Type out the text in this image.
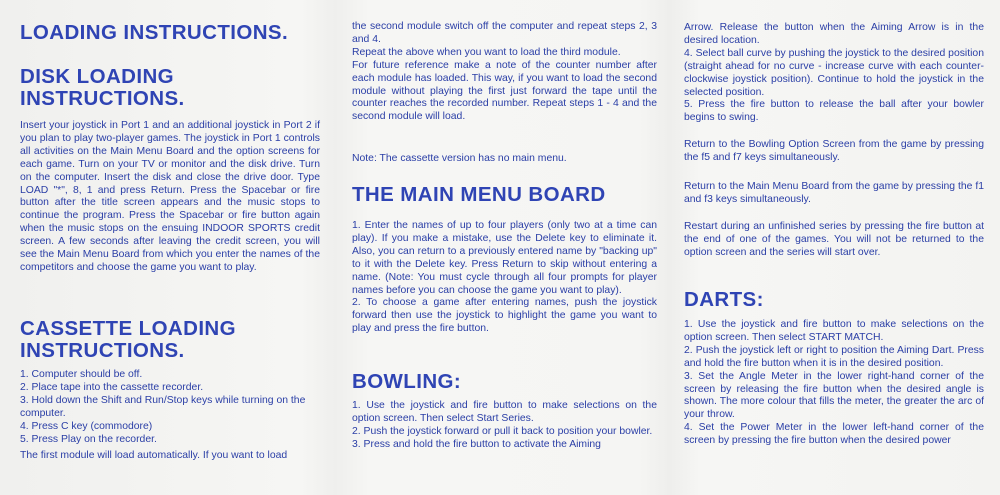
LOADING INSTRUCTIONS.
DISK LOADING
INSTRUCTIONS.

Insert your joystick in Port 1 and an additional joystick in Port 2 if you plan to play two-player games. The joystick in Port 1 controls all activities on the Main Menu Board and the option screens for each game. Turn on your TV or monitor and the disk drive. Turn on the computer. Insert the disk and close the drive door. Type LOAD "*", 8, 1 and press Return. Press the Spacebar or fire button after the title screen appears and the music stops to continue the program. Press the Spacebar or fire button again when the music stops on the ensuing INDOOR SPORTS credit screen. A few seconds after leaving the credit screen, you will see the Main Menu Board from which you enter the names of the competitors and choose the game you want to play.

CASSETTE LOADING
INSTRUCTIONS.

1. Computer should be off.

2. Place tape into the cassette recorder.

3. Hold down the Shift and Run/Stop keys while turning on the computer.

4. Press C key (commodore)

5. Press Play on the recorder.

The first module will load automatically. If you want to load

the second module switch off the computer and repeat steps 2, 3 and 4.

Repeat the above when you want to load the third module.

For future reference make a note of the counter number after each module has loaded. This way, if you want to load the second module without playing the first just forward the tape until the counter reaches the recorded number. Repeat steps 1 - 4 and the second module will load.

Note: The cassette version has no main menu.

THE MAIN MENU BOARD

1. Enter the names of up to four players (only two at a time can play). If you make a mistake, use the Delete key to eliminate it. Also, you can return to a previously entered name by "backing up" to it with the Delete key. Press Return to skip without entering a name. (Note: You must cycle through all four prompts for player names before you can choose the game you want to play).

2. To choose a game after entering names, push the joystick forward then use the joystick to highlight the game you want to play and press the fire button.

BOWLING:

1. Use the joystick and fire button to make selections on the option screen. Then select Start Series.

2. Push the joystick forward or pull it back to position your bowler.

3. Press and hold the fire button to activate the Aiming

Arrow. Release the button when the Aiming Arrow is in the desired location.

4. Select ball curve by pushing the joystick to the desired position (straight ahead for no curve - increase curve with each counter-clockwise joystick position). Continue to hold the joystick in the selected position.

5. Press the fire button to release the ball after your bowler begins to swing.

Return to the Bowling Option Screen from the game by pressing the f5 and f7 keys simultaneously.

Return to the Main Menu Board from the game by pressing the f1 and f3 keys simultaneously.

Restart during an unfinished series by pressing the fire button at the end of one of the games. You will not be returned to the option screen and the series will start over.

DARTS:

1. Use the joystick and fire button to make selections on the option screen. Then select START MATCH.

2. Push the joystick left or right to position the Aiming Dart. Press and hold the fire button when it is in the desired position.

3. Set the Angle Meter in the lower right-hand corner of the screen by releasing the fire button when the desired angle is shown. The more colour that fills the meter, the greater the arc of your throw.

4. Set the Power Meter in the lower left-hand corner of the screen by pressing the fire button when the desired power
